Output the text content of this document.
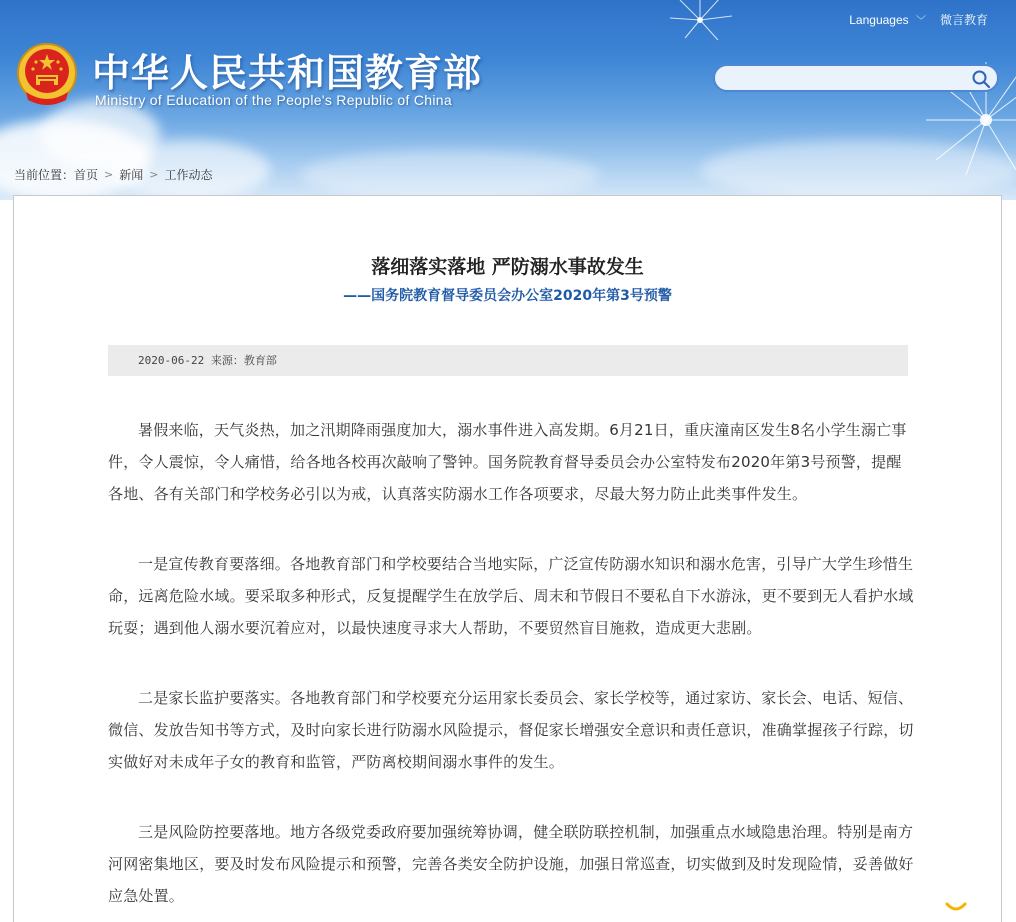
中华人民共和国教育部
Ministry of Education of the People's Republic of China
Languages ﹀ 微言教育
当前位置： 首页 > 新闻 > 工作动态
落细落实落地 严防溺水事故发生
——国务院教育督导委员会办公室2020年第3号预警
2020-06-22 来源：教育部

暑假来临，天气炎热，加之汛期降雨强度加大，溺水事件进入高发期。6月21日，重庆潼南区发生8名小学生溺亡事件，令人震惊，令人痛惜，给各地各校再次敲响了警钟。国务院教育督导委员会办公室特发布2020年第3号预警，提醒各地、各有关部门和学校务必引以为戒，认真落实防溺水工作各项要求，尽最大努力防止此类事件发生。

一是宣传教育要落细。各地教育部门和学校要结合当地实际，广泛宣传防溺水知识和溺水危害，引导广大学生珍惜生命，远离危险水域。要采取多种形式，反复提醒学生在放学后、周末和节假日不要私自下水游泳，更不要到无人看护水域玩耍；遇到他人溺水要沉着应对，以最快速度寻求大人帮助，不要贸然盲目施救，造成更大悲剧。

二是家长监护要落实。各地教育部门和学校要充分运用家长委员会、家长学校等，通过家访、家长会、电话、短信、微信、发放告知书等方式，及时向家长进行防溺水风险提示，督促家长增强安全意识和责任意识，准确掌握孩子行踪，切实做好对未成年子女的教育和监管，严防离校期间溺水事件的发生。

三是风险防控要落地。地方各级党委政府要加强统筹协调，健全联防联控机制，加强重点水域隐患治理。特别是南方河网密集地区，要及时发布风险提示和预警，完善各类安全防护设施，加强日常巡查，切实做到及时发现险情，妥善做好应急处置。
